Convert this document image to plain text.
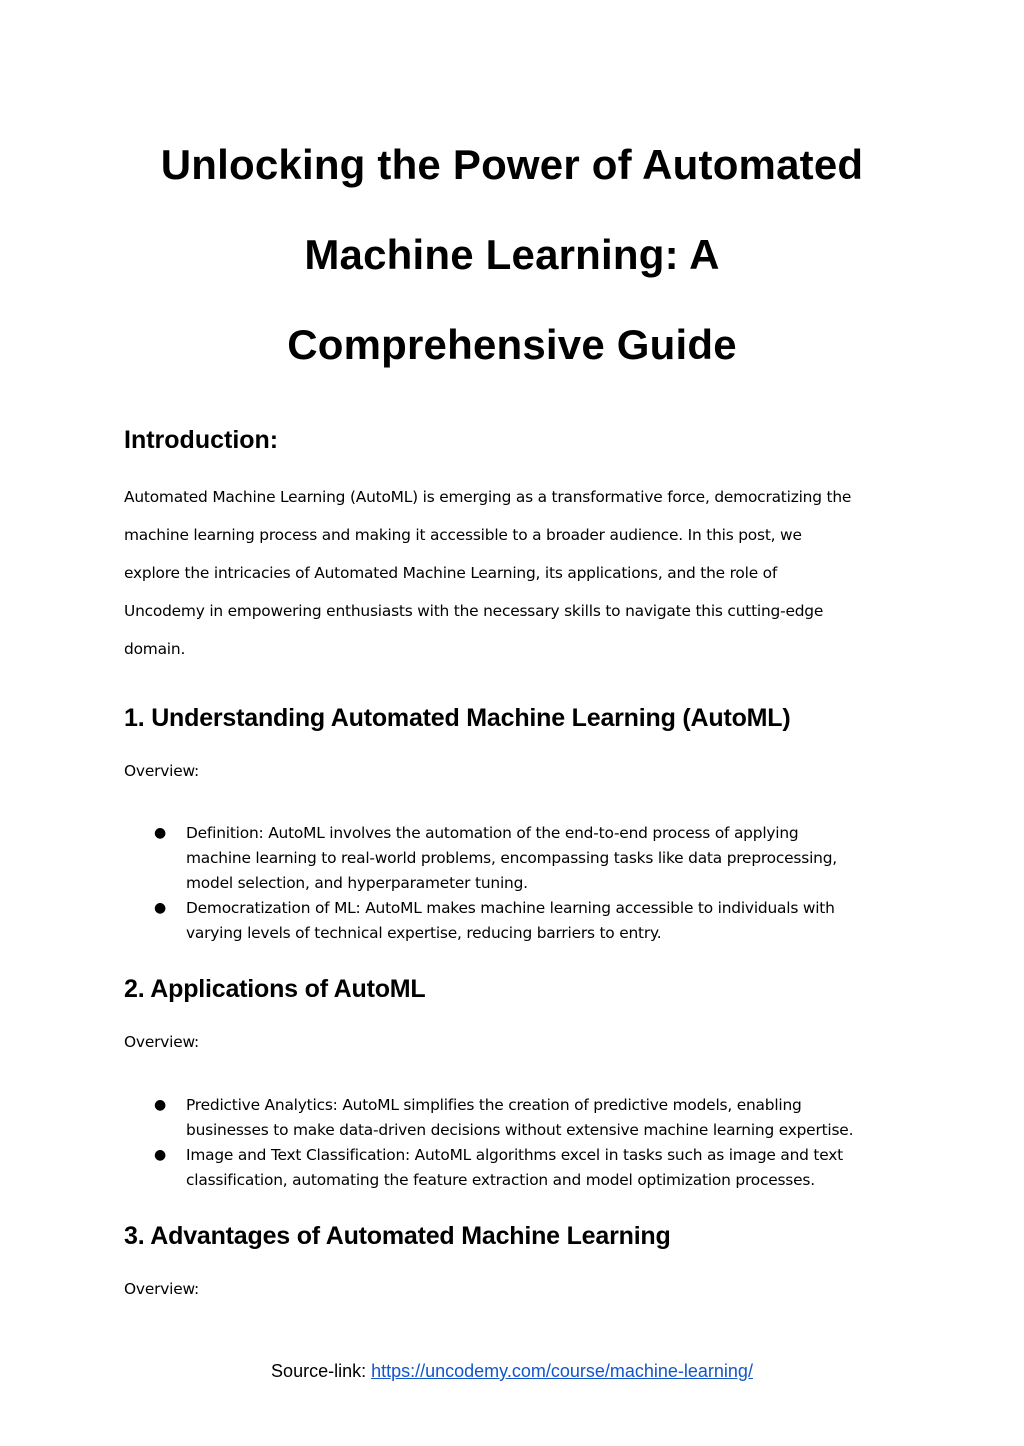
Unlocking the Power of Automated
Machine Learning: A
Comprehensive Guide
Introduction:

Automated Machine Learning (AutoML) is emerging as a transformative force, democratizing the
machine learning process and making it accessible to a broader audience. In this post, we
explore the intricacies of Automated Machine Learning, its applications, and the role of
Uncodemy in empowering enthusiasts with the necessary skills to navigate this cutting-edge
domain.

1. Understanding Automated Machine Learning (AutoML)

Overview:

● Definition: AutoML involves the automation of the end-to-end process of applying
machine learning to real-world problems, encompassing tasks like data preprocessing,
model selection, and hyperparameter tuning.
● Democratization of ML: AutoML makes machine learning accessible to individuals with
varying levels of technical expertise, reducing barriers to entry.
2. Applications of AutoML

Overview:

● Predictive Analytics: AutoML simplifies the creation of predictive models, enabling
businesses to make data-driven decisions without extensive machine learning expertise.
● Image and Text Classification: AutoML algorithms excel in tasks such as image and text
classification, automating the feature extraction and model optimization processes.
3. Advantages of Automated Machine Learning

Overview:

Source-link: https://uncodemy.com/course/machine-learning/
